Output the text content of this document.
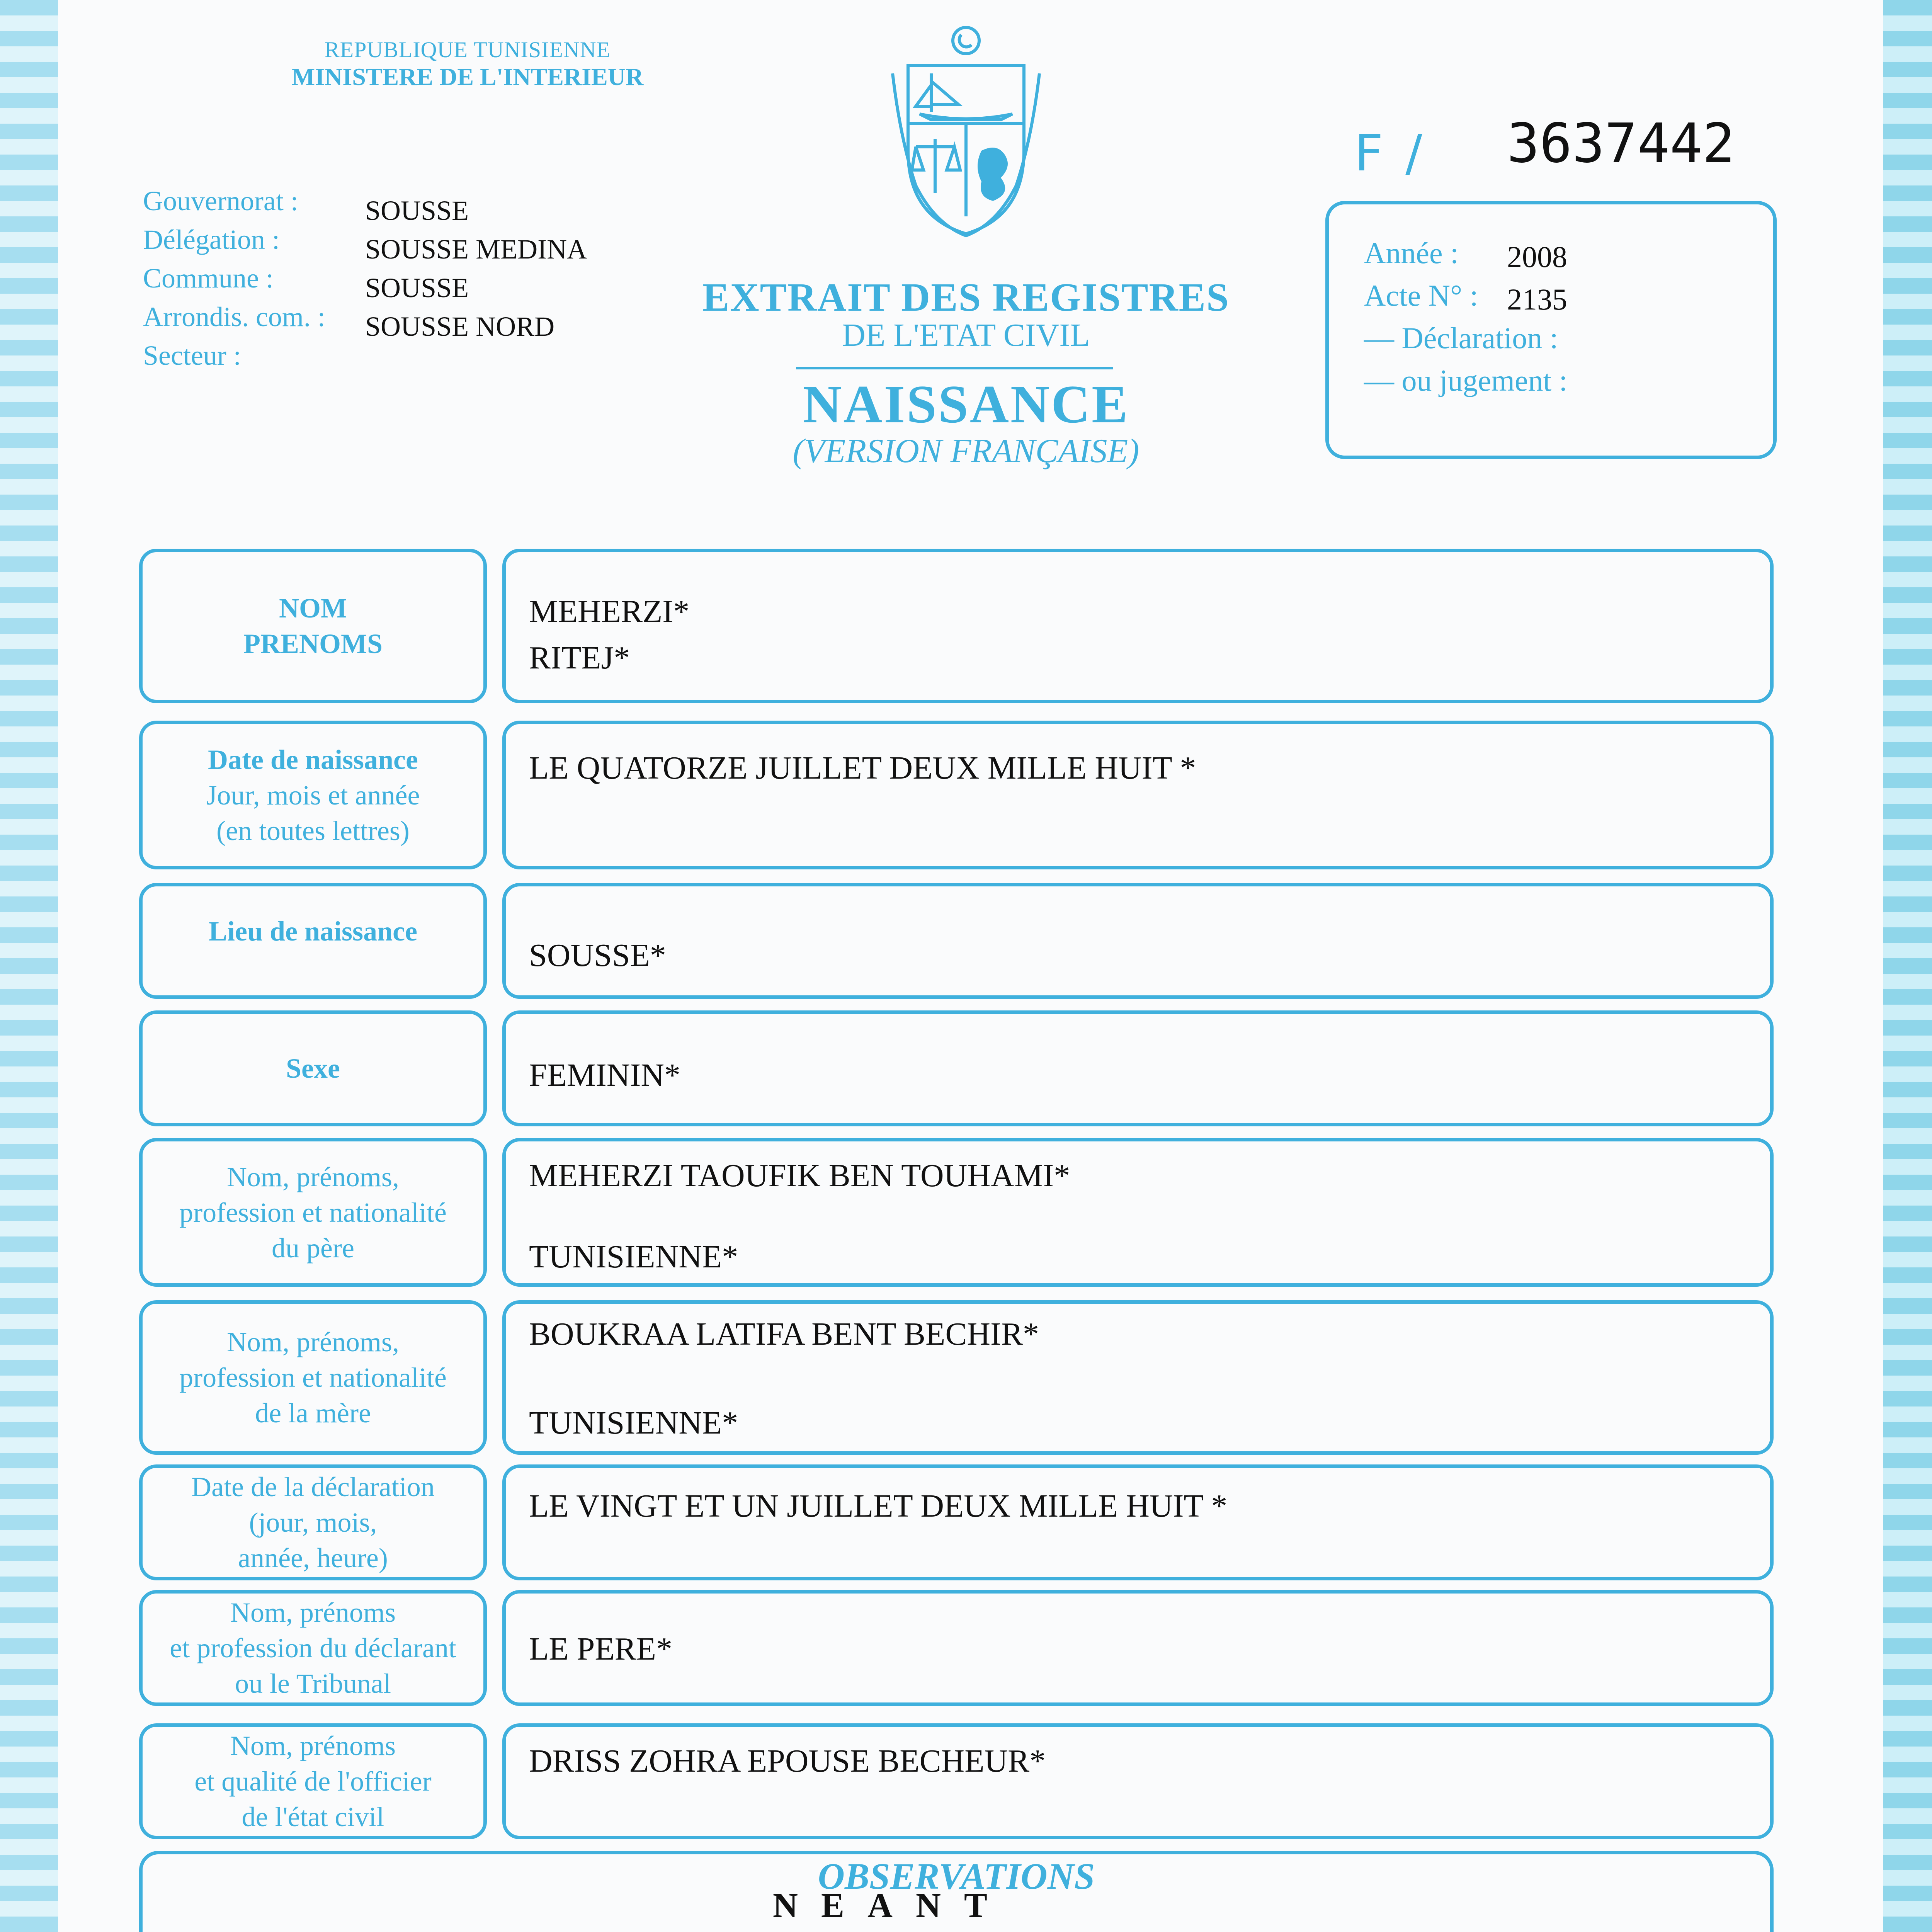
REPUBLIQUE TUNISIENNE
MINISTERE DE L'INTERIEUR
Gouvernorat :
Délégation :
Commune :
Arrondis. com. :
Secteur :
SOUSSE
SOUSSE MEDINA
SOUSSE
SOUSSE NORD
EXTRAIT DES REGISTRES
DE L'ETAT CIVIL
NAISSANCE
(VERSION FRANÇAISE)
F / 3637442
Année :
Acte N° :
— Déclaration :
— ou jugement :
2008
2135
NOM
PRENOMS
MEHERZI*
RITEJ*
Date de naissance
Jour, mois et année
(en toutes lettres)
LE QUATORZE JUILLET DEUX MILLE HUIT *
Lieu de naissance
SOUSSE*
Sexe	FEMININ*
Nom, prénoms,
profession et nationalité
du père
MEHERZI TAOUFIK BEN TOUHAMI*
TUNISIENNE*
Nom, prénoms,
profession et nationalité
de la mère
BOUKRAA LATIFA BENT BECHIR*
TUNISIENNE*
Date de la déclaration
(jour, mois,
année, heure)
LE VINGT ET UN JUILLET DEUX MILLE HUIT *
Nom, prénoms
et profession du déclarant
ou le Tribunal
LE PERE*
Nom, prénoms
et qualité de l'officier
de l'état civil
DRISS ZOHRA EPOUSE BECHEUR*
OBSERVATIONS
NEANT
